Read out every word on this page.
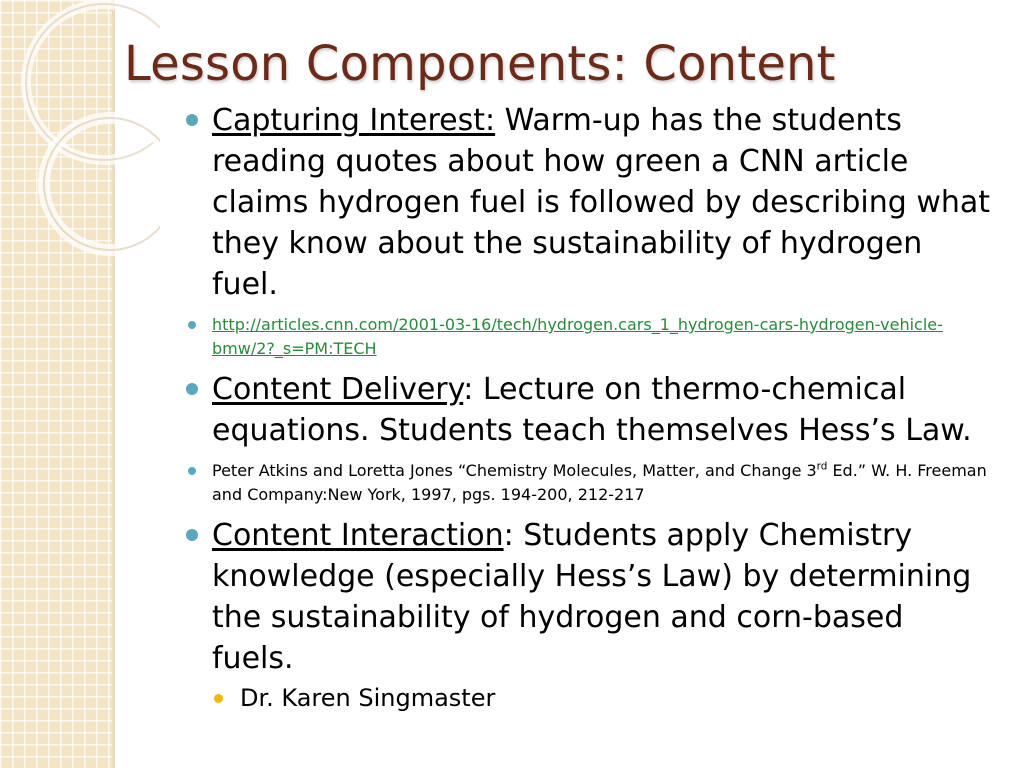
Lesson Components: Content
Capturing Interest: Warm-up has the students reading quotes about how green a CNN article claims hydrogen fuel is followed by describing what they know about the sustainability of hydrogen fuel.
http://articles.cnn.com/2001-03-16/tech/hydrogen.cars_1_hydrogen-cars-hydrogen-vehicle-bmw/2?_s=PM:TECH
Content Delivery: Lecture on thermo-chemical equations. Students teach themselves Hess’s Law.
Peter Atkins and Loretta Jones “Chemistry Molecules, Matter, and Change 3rd Ed.” W. H. Freeman and Company:New York, 1997, pgs. 194-200, 212-217
Content Interaction: Students apply Chemistry knowledge (especially Hess’s Law) by determining the sustainability of hydrogen and corn-based fuels.
Dr. Karen Singmaster
